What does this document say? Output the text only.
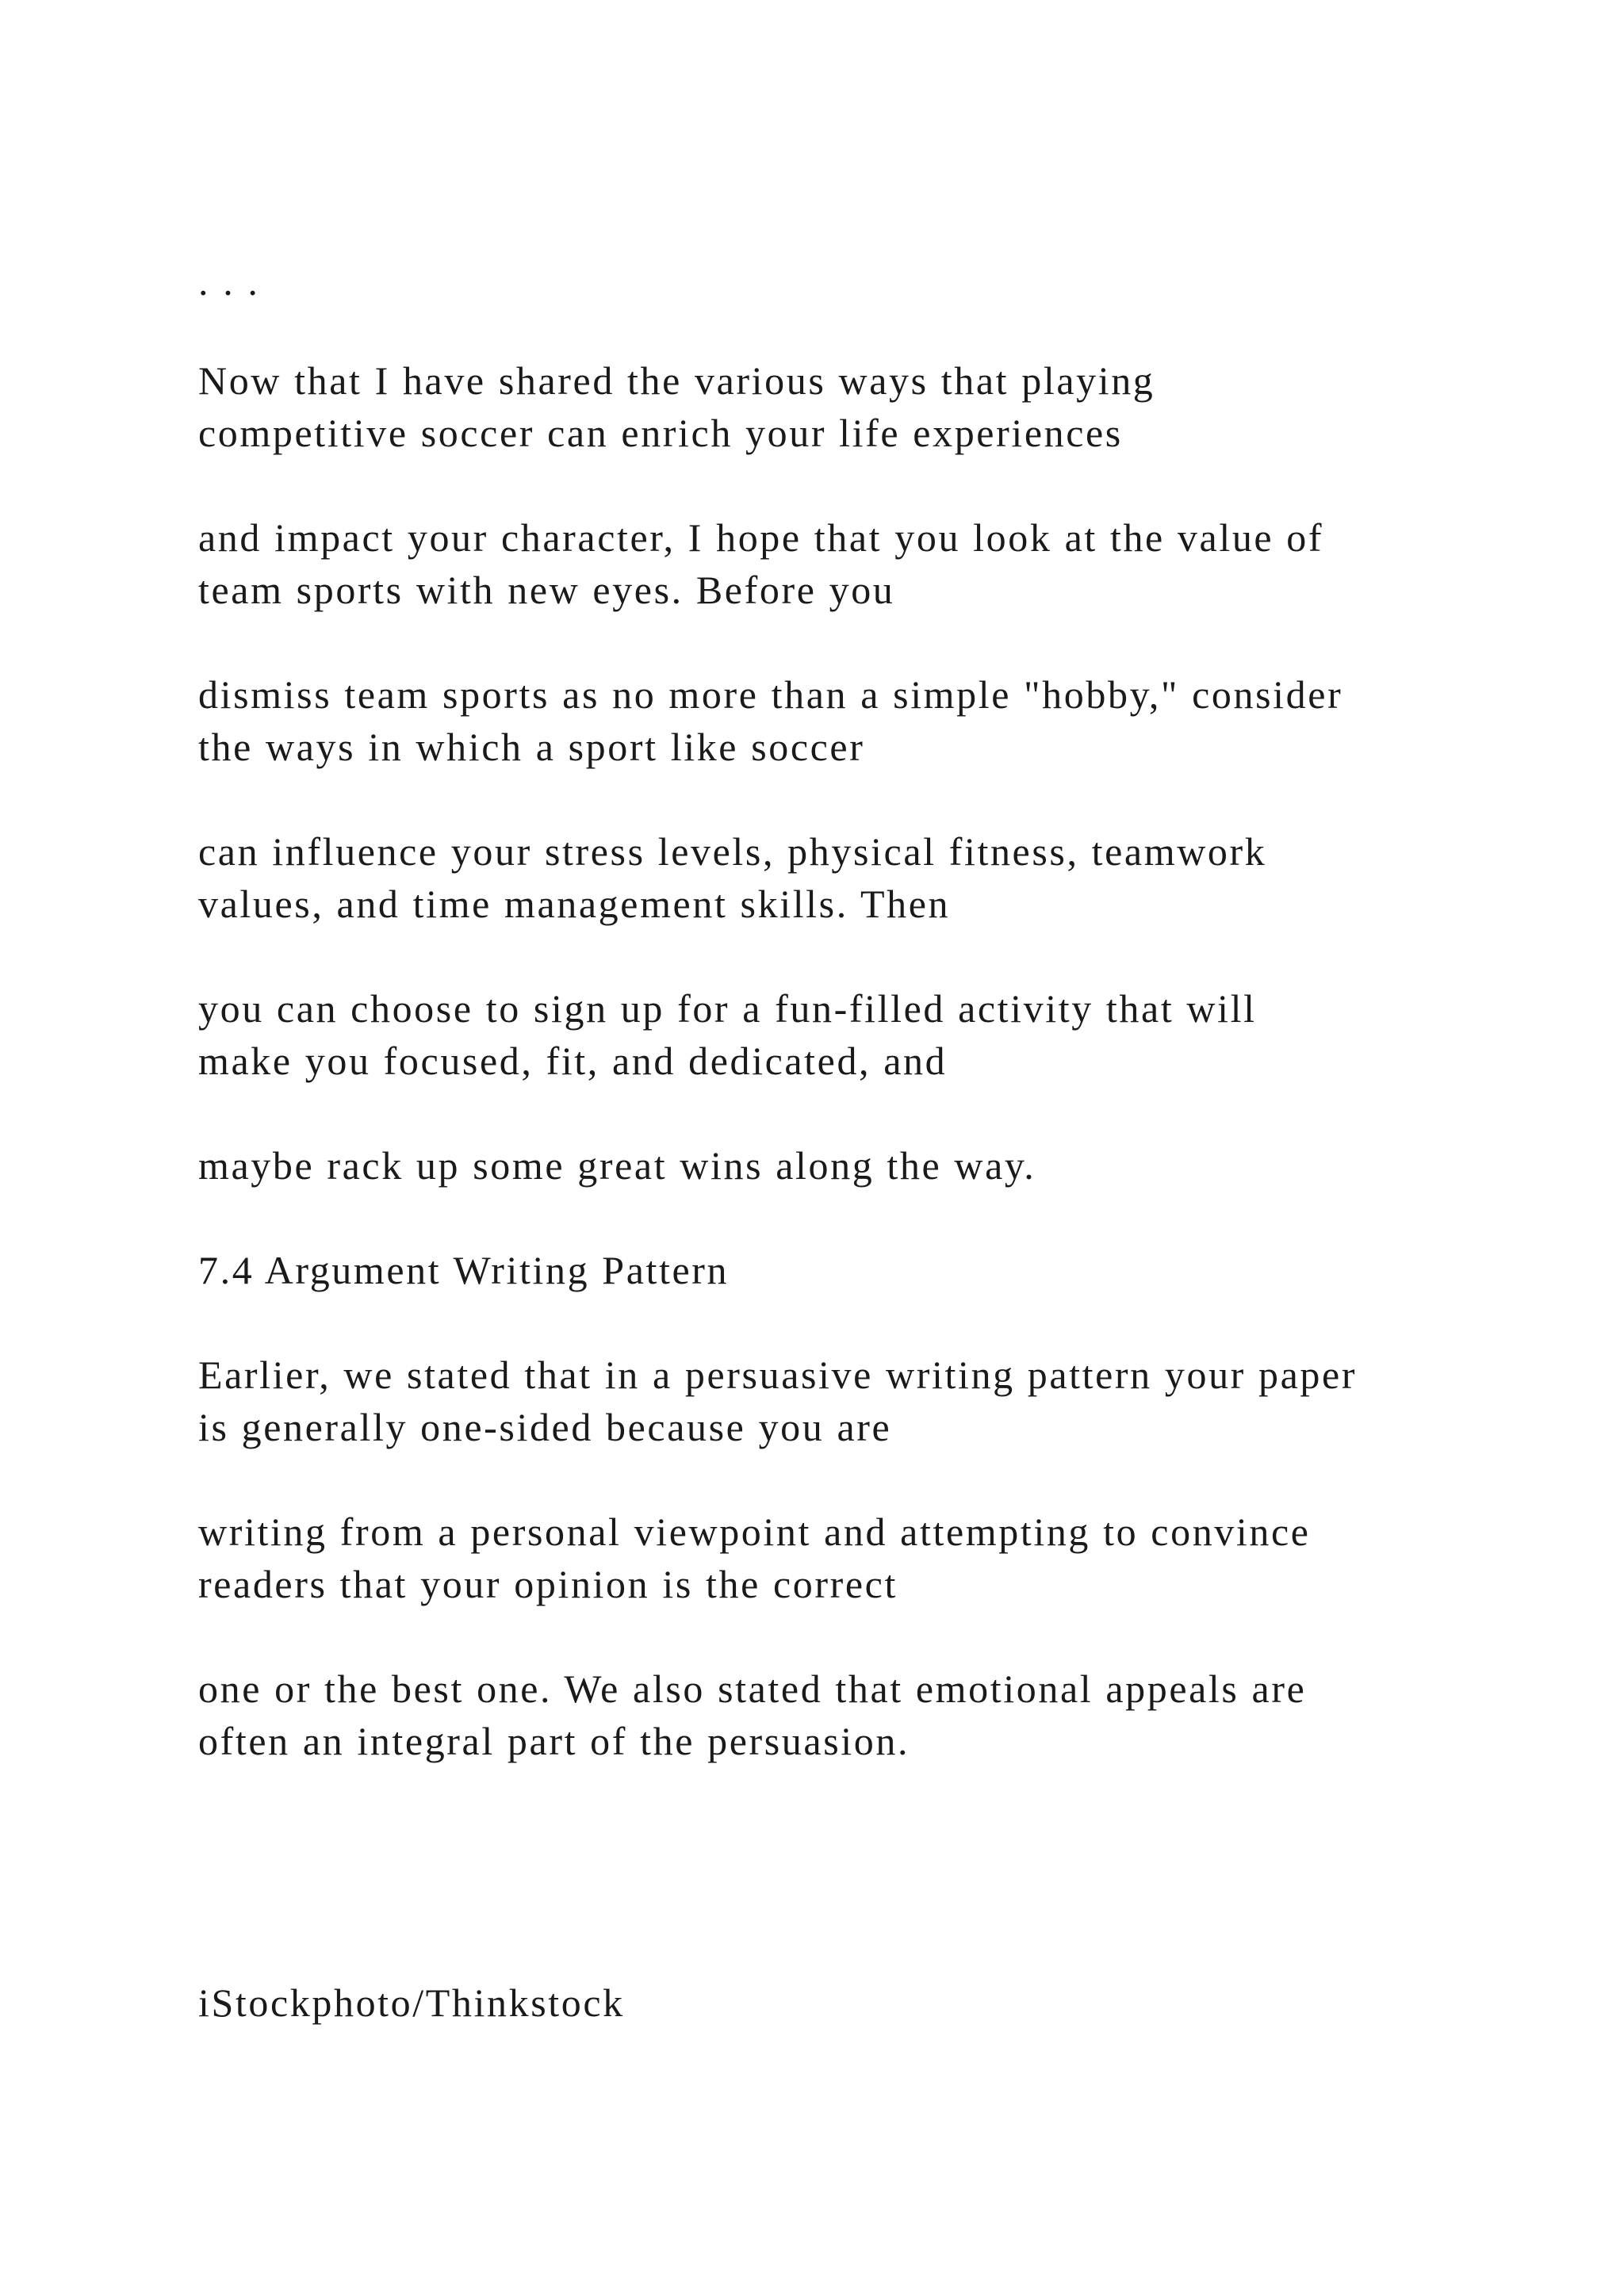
. . .
Now that I have shared the various ways that playing
competitive soccer can enrich your life experiences
and impact your character, I hope that you look at the value of
team sports with new eyes. Before you
dismiss team sports as no more than a simple "hobby," consider
the ways in which a sport like soccer
can influence your stress levels, physical fitness, teamwork
values, and time management skills. Then
you can choose to sign up for a fun-filled activity that will
make you focused, fit, and dedicated, and
maybe rack up some great wins along the way.
7.4 Argument Writing Pattern
Earlier, we stated that in a persuasive writing pattern your paper
is generally one-sided because you are
writing from a personal viewpoint and attempting to convince
readers that your opinion is the correct
one or the best one. We also stated that emotional appeals are
often an integral part of the persuasion.
iStockphoto/Thinkstock
